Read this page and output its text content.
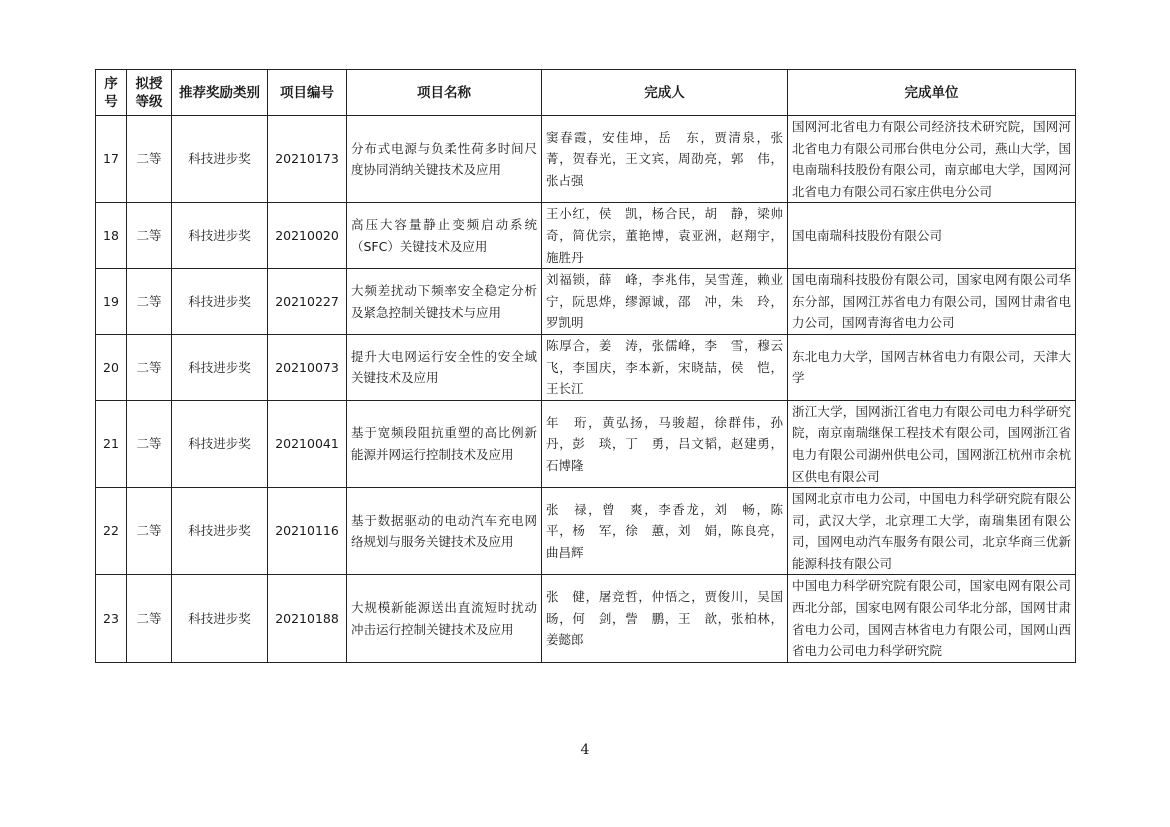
序号	拟授等级	推荐奖励类别	项目编号	项目名称	完成人	完成单位
17	二等	科技进步奖	20210173	分布式电源与负柔性荷多时间尺度协同消纳关键技术及应用	窦春霞，安佳坤，岳　东，贾清泉，张　菁，贺春光，王文宾，周劭亮，郭　伟，张占强	国网河北省电力有限公司经济技术研究院，国网河北省电力有限公司邢台供电分公司，燕山大学，国电南瑞科技股份有限公司，南京邮电大学，国网河北省电力有限公司石家庄供电分公司
18	二等	科技进步奖	20210020	高压大容量静止变频启动系统（SFC）关键技术及应用	王小红，侯　凯，杨合民，胡　静，梁帅奇，简优宗，董艳博，袁亚洲，赵翔宇，施胜丹	国电南瑞科技股份有限公司
19	二等	科技进步奖	20210227	大频差扰动下频率安全稳定分析及紧急控制关键技术与应用	刘福锁，薛　峰，李兆伟，吴雪莲，赖业宁，阮思烨，缪源诚，邵　冲，朱　玲，罗凯明	国电南瑞科技股份有限公司，国家电网有限公司华东分部，国网江苏省电力有限公司，国网甘肃省电力公司，国网青海省电力公司
20	二等	科技进步奖	20210073	提升大电网运行安全性的安全域关键技术及应用	陈厚合，姜　涛，张儒峰，李　雪，穆云飞，李国庆，李本新，宋晓喆，侯　恺，王长江	东北电力大学，国网吉林省电力有限公司，天津大学
21	二等	科技进步奖	20210041	基于宽频段阻抗重塑的高比例新能源并网运行控制技术及应用	年　珩，黄弘扬，马骏超，徐群伟，孙　丹，彭　琰，丁　勇，吕文韬，赵建勇，石博隆	浙江大学，国网浙江省电力有限公司电力科学研究院，南京南瑞继保工程技术有限公司，国网浙江省电力有限公司湖州供电公司，国网浙江杭州市余杭区供电有限公司
22	二等	科技进步奖	20210116	基于数据驱动的电动汽车充电网络规划与服务关键技术及应用	张　禄，曾　爽，李香龙，刘　畅，陈　平，杨　军，徐　蕙，刘　娟，陈良亮，曲昌辉	国网北京市电力公司，中国电力科学研究院有限公司，武汉大学，北京理工大学，南瑞集团有限公司，国网电动汽车服务有限公司，北京华商三优新能源科技有限公司
23	二等	科技进步奖	20210188	大规模新能源送出直流短时扰动冲击运行控制关键技术及应用	张　健，屠竞哲，仲悟之，贾俊川，吴国旸，何　剑，訾　鹏，王　歆，张柏林，姜懿郎	中国电力科学研究院有限公司，国家电网有限公司西北分部，国家电网有限公司华北分部，国网甘肃省电力公司，国网吉林省电力有限公司，国网山西省电力公司电力科学研究院
4
